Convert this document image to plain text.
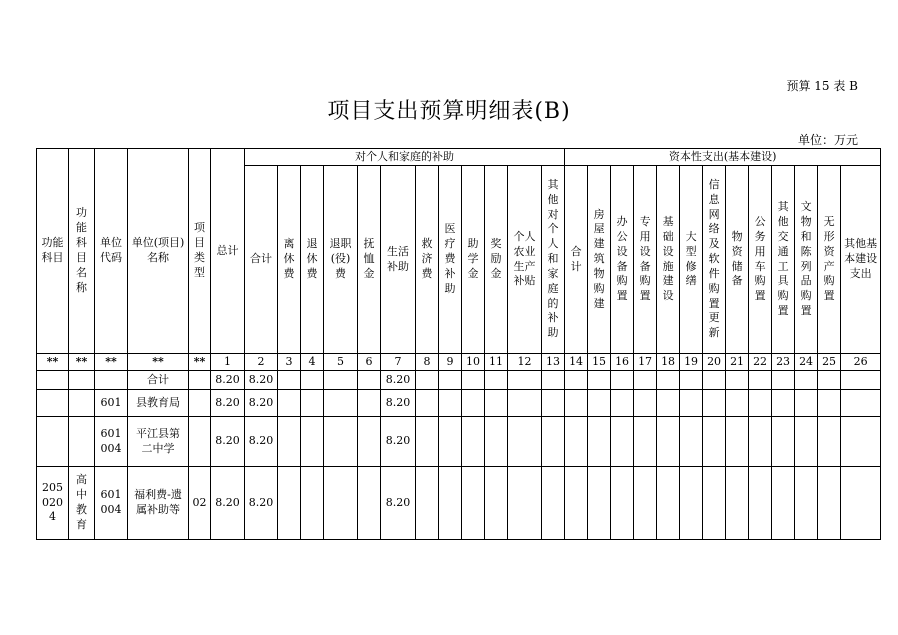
预算 15 表 B
项目支出预算明细表(B)
单位：万元
功能科目	功能科目名称	单位代码	单位(项目)名称	项目类型	总计	对个人和家庭的补助												资本性支出(基本建设)												
						合计	离休费	退休费	退职(役)费	抚恤金	生活补助	救济费	医疗费补助	助学金	奖励金	个人农业生产补贴	其他对个人和家庭的补助	合计	房屋建筑物购建	办公设备购置	专用设备购置	基础设施建设	大型修缮	信息网络及软件购置更新	物资储备	公务用车购置	其他交通工具购置	文物和陈列品购置	无形资产购置	其他基本建设支出
**	**	**	**	**	1	2	3	4	5	6	7	8	9	10	11	12	13	14	15	16	17	18	19	20	21	22	23	24	25	26
			合计		8.20	8.20					8.20																			
		601	县教育局		8.20	8.20					8.20																			
		601004	平江县第二中学		8.20	8.20					8.20																			
2050204	高中教育	601004	福利费-遗属补助等	02	8.20	8.20					8.20																			
